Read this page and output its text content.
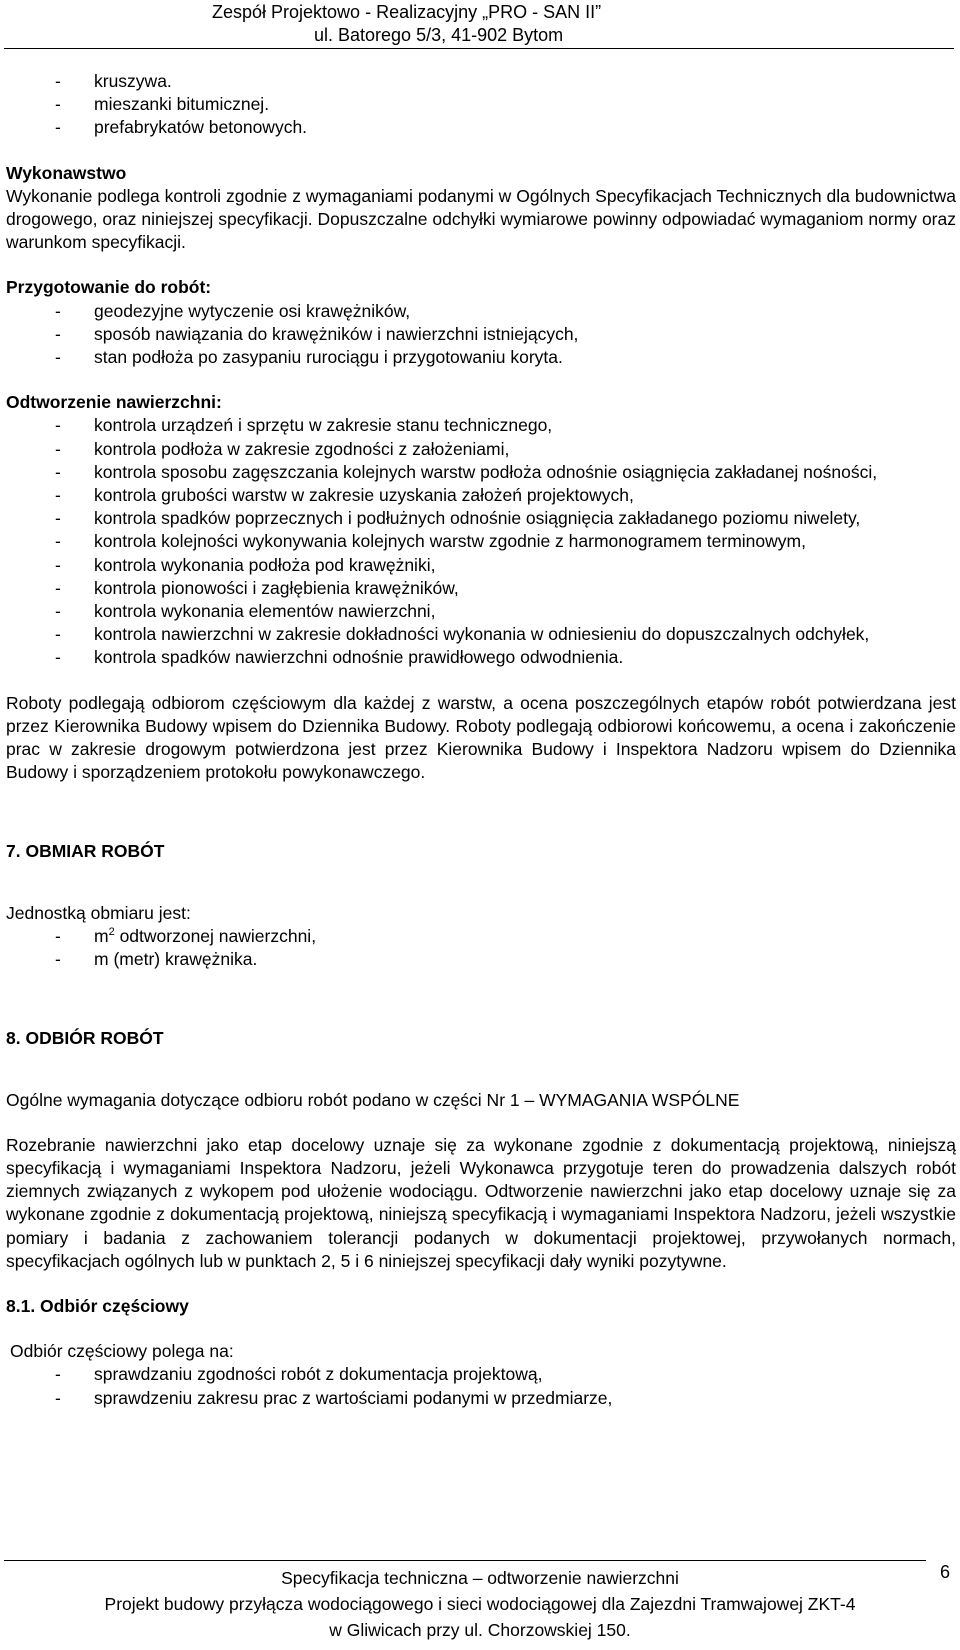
Zespół Projektowo - Realizacyjny „PRO - SAN II”
ul. Batorego 5/3, 41-902 Bytom
- kruszywa.
- mieszanki bitumicznej.
- prefabrykatów betonowych.

Wykonawstwo

Wykonanie podlega kontroli zgodnie z wymaganiami podanymi w Ogólnych Specyfikacjach Technicznych dla budownictwa drogowego, oraz niniejszej specyfikacji. Dopuszczalne odchyłki wymiarowe powinny odpowiadać wymaganiom normy oraz warunkom specyfikacji.

Przygotowanie do robót:

- geodezyjne wytyczenie osi krawężników,
- sposób nawiązania do krawężników i nawierzchni istniejących,
- stan podłoża po zasypaniu rurociągu i przygotowaniu koryta.

Odtworzenie nawierzchni:

- kontrola urządzeń i sprzętu w zakresie stanu technicznego,
- kontrola podłoża w zakresie zgodności z założeniami,
- kontrola sposobu zagęszczania kolejnych warstw podłoża odnośnie osiągnięcia zakładanej nośności,
- kontrola grubości warstw w zakresie uzyskania założeń projektowych,
- kontrola spadków poprzecznych i podłużnych odnośnie osiągnięcia zakładanego poziomu niwelety,
- kontrola kolejności wykonywania kolejnych warstw zgodnie z harmonogramem terminowym,
- kontrola wykonania podłoża pod krawężniki,
- kontrola pionowości i zagłębienia krawężników,
- kontrola wykonania elementów nawierzchni,
- kontrola nawierzchni w zakresie dokładności wykonania w odniesieniu do dopuszczalnych odchyłek,
- kontrola spadków nawierzchni odnośnie prawidłowego odwodnienia.

Roboty podlegają odbiorom częściowym dla każdej z warstw, a ocena poszczególnych etapów robót potwierdzana jest przez Kierownika Budowy wpisem do Dziennika Budowy. Roboty podlegają odbiorowi końcowemu, a ocena i zakończenie prac w zakresie drogowym potwierdzona jest przez Kierownika Budowy i Inspektora Nadzoru wpisem do Dziennika Budowy i sporządzeniem protokołu powykonawczego.

7. OBMIAR ROBÓT

Jednostką obmiaru jest:

- $m^2$ odtworzonej nawierzchni,
- m (metr) krawężnika.

8. ODBIÓR ROBÓT

Ogólne wymagania dotyczące odbioru robót podano w części Nr 1 – WYMAGANIA WSPÓLNE

Rozebranie nawierzchni jako etap docelowy uznaje się za wykonane zgodnie z dokumentacją projektową, niniejszą specyfikacją i wymaganiami Inspektora Nadzoru, jeżeli Wykonawca przygotuje teren do prowadzenia dalszych robót ziemnych związanych z wykopem pod ułożenie wodociągu. Odtworzenie nawierzchni jako etap docelowy uznaje się za wykonane zgodnie z dokumentacją projektową, niniejszą specyfikacją i wymaganiami Inspektora Nadzoru, jeżeli wszystkie pomiary i badania z zachowaniem tolerancji podanych w dokumentacji projektowej, przywołanych normach, specyfikacjach ogólnych lub w punktach 2, 5 i 6 niniejszej specyfikacji dały wyniki pozytywne.

8.1. Odbiór częściowy

Odbiór częściowy polega na:

- sprawdzaniu zgodności robót z dokumentacja projektową,
- sprawdzeniu zakresu prac z wartościami podanymi w przedmiarze,
6
Specyfikacja techniczna – odtworzenie nawierzchni
Projekt budowy przyłącza wodociągowego i sieci wodociągowej dla Zajezdni Tramwajowej ZKT-4
w Gliwicach przy ul. Chorzowskiej 150.
